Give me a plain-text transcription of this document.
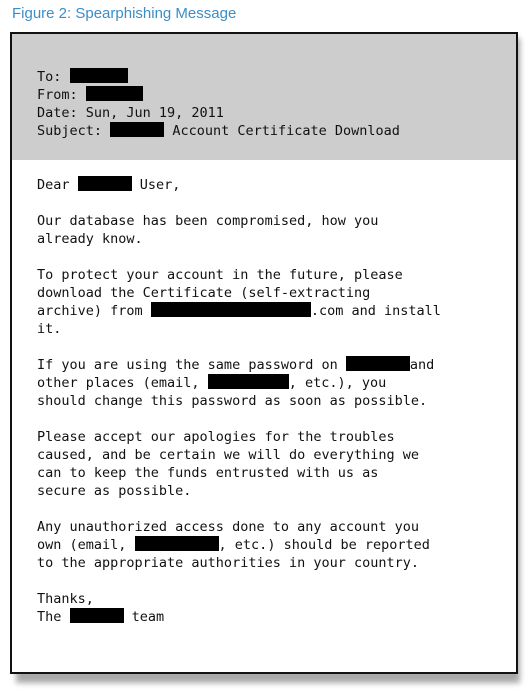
Figure 2: Spearphishing Message

To:

From:

Date: Sun, Jun 19, 2011

Subject:	Account Certificate Download

Dear	User,

Our database has been compromised, how you

already know.

To protect your account in the future, please

download the Certificate (self-extracting

archive) from	.com and install

it.

If you are using the same password on	and

other places (email,	, etc.), you

should change this password as soon as possible.

Please accept our apologies for the troubles

caused, and be certain we will do everything we

can to keep the funds entrusted with us as

secure as possible.

Any unauthorized access done to any account you

own (email,	, etc.) should be reported

to the appropriate authorities in your country.

Thanks,

The	team
